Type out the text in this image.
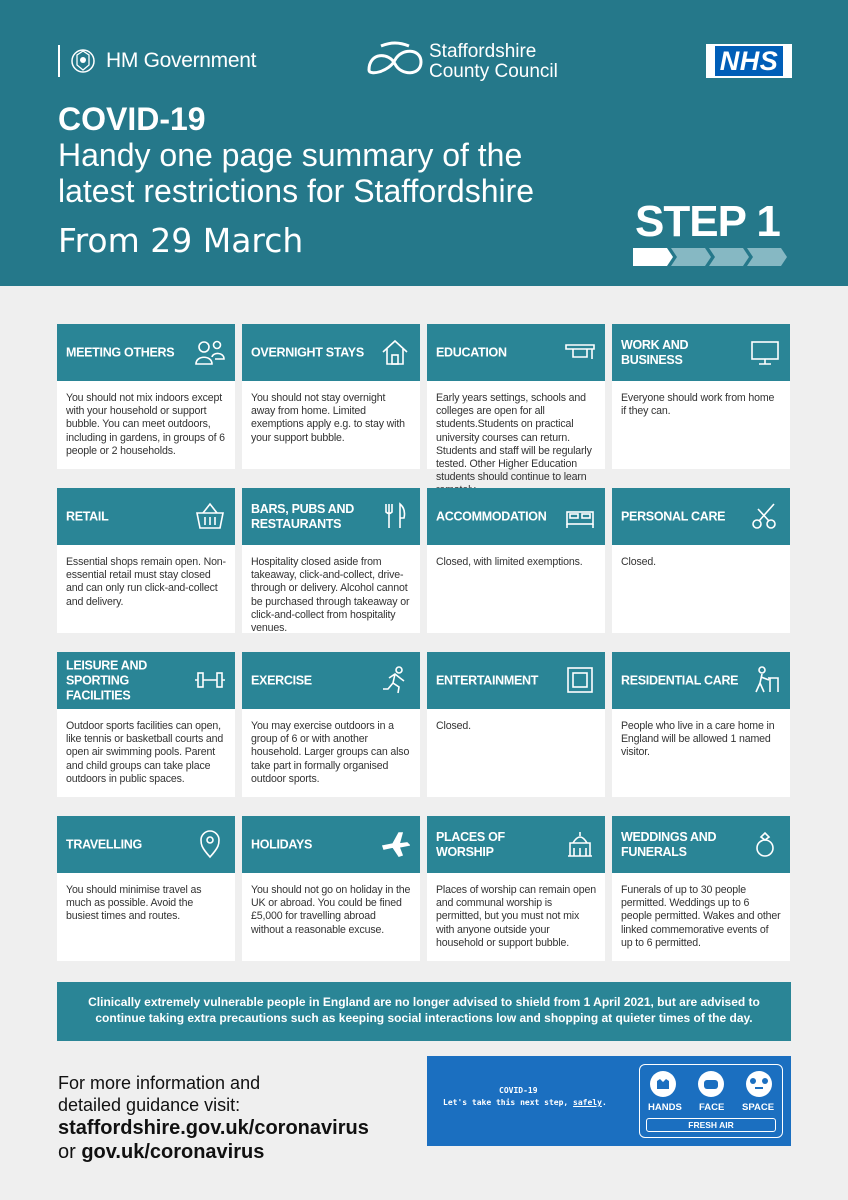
HM Government	Staffordshire
County Council	NHS
COVID-19
Handy one page summary of the
latest restrictions for Staffordshire
From 29 March	STEP 1
MEETING OTHERS
You should not mix indoors except with your household or support bubble. You can meet outdoors, including in gardens, in groups of 6 people or 2 households.
OVERNIGHT STAYS
You should not stay overnight away from home. Limited exemptions apply e.g. to stay with your support bubble.
EDUCATION
Early years settings, schools and colleges are open for all students.Students on practical university courses can return. Students and staff will be regularly tested. Other Higher Education students should continue to learn
WORK AND BUSINESS
Everyone should work from home if they can.
RETAIL
Essential shops remain open. Non-essential retail must stay closed and can only run click-and-collect and delivery.
BARS, PUBS AND RESTAURANTS
Hospitality closed aside from takeaway, click-and-collect, drive-through or delivery. Alcohol cannot be purchased through takeaway or click-and-collect from hospitality venues.
ACCOMMODATION
Closed, with limited exemptions.
PERSONAL CARE
Closed.
LEISURE AND SPORTING FACILITIES
Outdoor sports facilities can open, like tennis or basketball courts and open air swimming pools. Parent and child groups can take place outdoors in public spaces.
EXERCISE
You may exercise outdoors in a group of 6 or with another household. Larger groups can also take part in formally organised outdoor sports.
ENTERTAINMENT
Closed.
RESIDENTIAL CARE
People who live in a care home in England will be allowed 1 named visitor.
TRAVELLING
You should minimise travel as much as possible. Avoid the busiest times and routes.
HOLIDAYS
You should not go on holiday in the UK or abroad. You could be fined £5,000 for travelling abroad without a reasonable excuse.
PLACES OF WORSHIP
Places of worship can remain open and communal worship is permitted, but you must not mix with anyone outside your household or support bubble.
WEDDINGS AND FUNERALS
Funerals of up to 30 people permitted. Weddings up to 6 people permitted. Wakes and other linked commemorative events of up to 6 permitted.
Clinically extremely vulnerable people in England are no longer advised to shield from 1 April 2021, but are advised to continue taking extra precautions such as keeping social interactions low and shopping at quieter times of the day.
For more information and
detailed guidance visit:
staffordshire.gov.uk/coronavirus
or gov.uk/coronavirus
COVID-19
Let's take this next step, safely.	HANDS FACE SPACE
FRESH AIR
